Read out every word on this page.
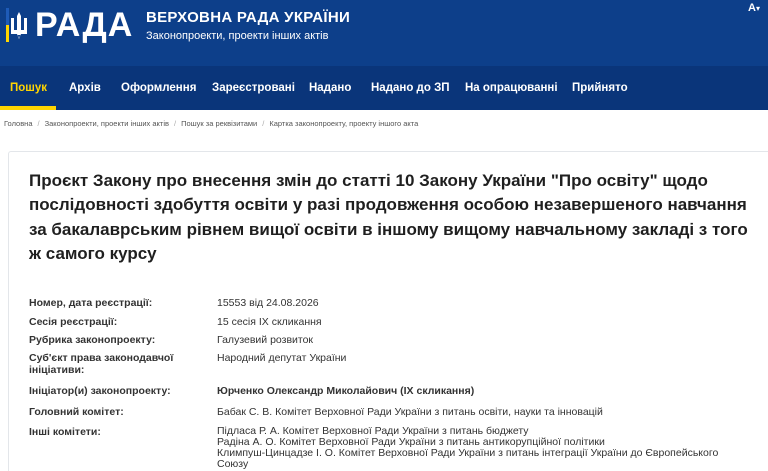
РАДА ВЕРХОВНА РАДА УКРАЇНИ
Законопроекти, проекти інших актів
A▾
Пошук Архів Оформлення Зареєстровані Надано Надано до ЗП На опрацюванні Прийнято
Головна / Законопроекти, проекти інших актів / Пошук за реквізитами / Картка законопроекту, проекту іншого акта
Проєкт Закону про внесення змін до статті 10 Закону України "Про освіту" щодо послідовності здобуття освіти у разі продовження особою незавершеного навчання за бакалаврським рівнем вищої освіти в іншому вищому навчальному закладі з того ж самого курсу
Номер, дата реєстрації:	15553 від 24.08.2026
Сесія реєстрації:	15 сесія IX скликання
Рубрика законопроекту:	Галузевий розвиток
Суб'єкт права законодавчої ініціативи:
Народний депутат України
Ініціатор(и) законопроекту:	Юрченко Олександр Миколайович (IX скликання)
Головний комітет:	Бабак С. В. Комітет Верховної Ради України з питань освіти, науки та інновацій
Інші комітети:	Підласа Р. А. Комітет Верховної Ради України з питань бюджету
Радіна А. О. Комітет Верховної Ради України з питань антикорупційної політики
Климпуш-Цинцадзе І. О. Комітет Верховної Ради України з питань інтеграції України до Європейського
Союзу
